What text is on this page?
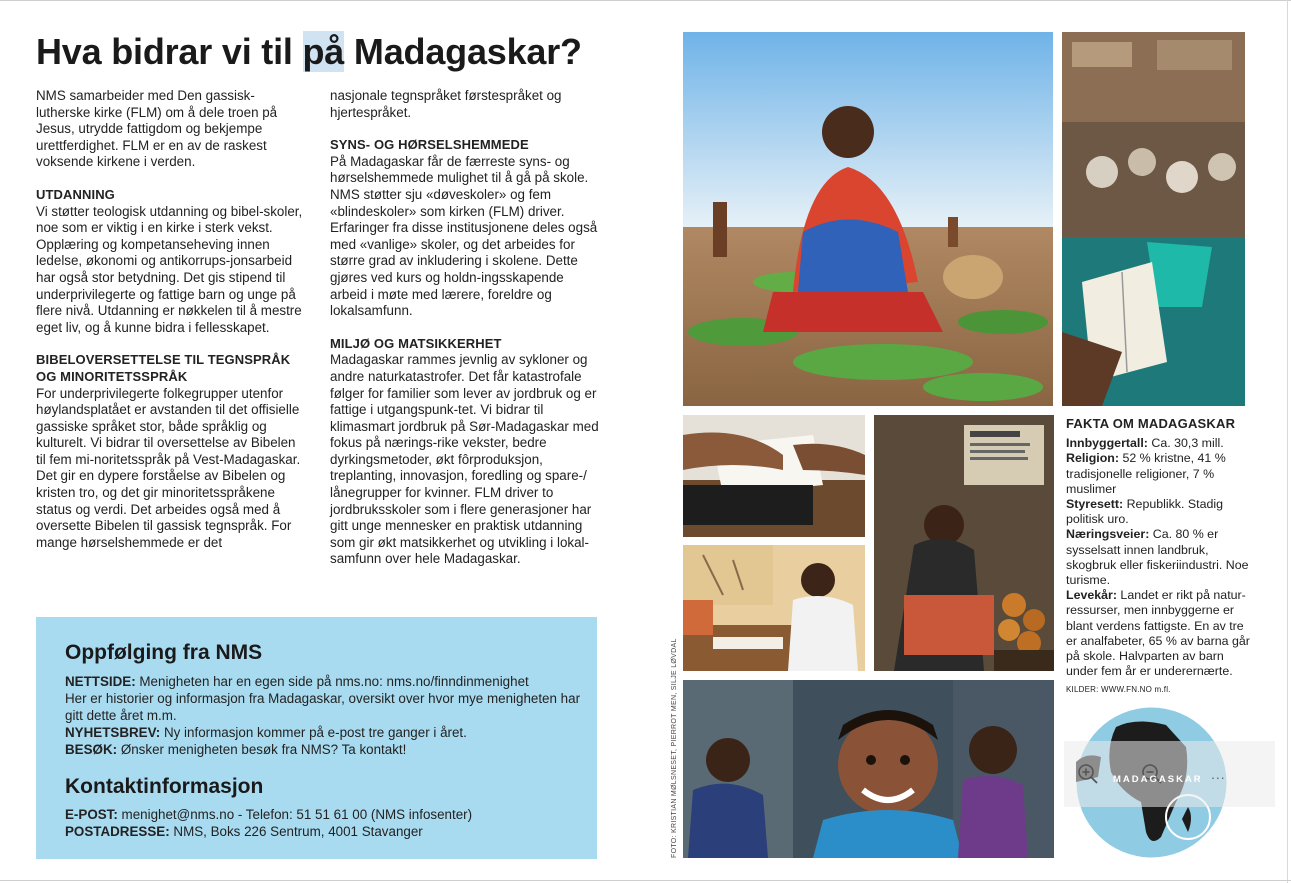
Hva bidrar vi til på Madagaskar?

NMS samarbeider med Den gassisk-lutherske kirke (FLM) om å dele troen på Jesus, utrydde fattigdom og bekjempe urettferdighet. FLM er en av de raskest voksende kirkene i verden.

UTDANNING

Vi støtter teologisk utdanning og bibel-skoler, noe som er viktig i en kirke i sterk vekst. Opplæring og kompetanseheving innen ledelse, økonomi og antikorrups-jonsarbeid har også stor betydning. Det gis stipend til underprivilegerte og fattige barn og unge på flere nivå. Utdanning er nøkkelen til å mestre eget liv, og å kunne bidra i fellesskapet.

BIBELOVERSETTELSE TIL TEGNSPRÅK OG MINORITETSSPRÅK

For underprivilegerte folkegrupper utenfor høylandsplatået er avstanden til det offisielle gassiske språket stor, både språklig og kulturelt. Vi bidrar til oversettelse av Bibelen til fem mi-noritetsspråk på Vest-Madagaskar. Det gir en dypere forståelse av Bibelen og kristen tro, og det gir minoritetsspråkene status og verdi. Det arbeides også med å oversette Bibelen til gassisk tegnspråk. For mange hørselshemmede er det

nasjonale tegnspråket førstespråket og hjertespråket.

SYNS- OG HØRSELSHEMMEDE

På Madagaskar får de færreste syns- og hørselshemmede mulighet til å gå på skole. NMS støtter sju «døveskoler» og fem «blindeskoler» som kirken (FLM) driver. Erfaringer fra disse institusjonene deles også med «vanlige» skoler, og det arbeides for større grad av inkludering i skolene. Dette gjøres ved kurs og holdn-ingsskapende arbeid i møte med lærere, foreldre og lokalsamfunn.

MILJØ OG MATSIKKERHET

Madagaskar rammes jevnlig av sykloner og andre naturkatastrofer. Det får katastrofale følger for familier som lever av jordbruk og er fattige i utgangspunk-tet. Vi bidrar til klimasmart jordbruk på Sør-Madagaskar med fokus på nærings-rike vekster, bedre dyrkingsmetoder, økt fôrproduksjon, treplanting, innovasjon, foredling og spare-/ lånegrupper for kvinner. FLM driver to jordbruksskoler som i flere generasjoner har gitt unge mennesker en praktisk utdanning som gir økt matsikkerhet og utvikling i lokal-samfunn over hele Madagaskar.

Oppfølging fra NMS
NETTSIDE: Menigheten har en egen side på nms.no: nms.no/finndinmenighet
Her er historier og informasjon fra Madagaskar, oversikt over hvor mye menigheten har gitt dette året m.m.
NYHETSBREV: Ny informasjon kommer på e-post tre ganger i året.
BESØK: Ønsker menigheten besøk fra NMS? Ta kontakt!
Kontaktinformasjon
E-POST: menighet@nms.no - Telefon: 51 51 61 00 (NMS infosenter)
POSTADRESSE: NMS, Boks 226 Sentrum, 4001 Stavanger	FOTO: KRISTIAN MØLSNESET, PIERROT MEN, SILJE LØVDAL
FAKTA OM MADAGASKAR
Innbyggertall: Ca. 30,3 mill.
Religion: 52 % kristne, 41 % tradisjonelle religioner, 7 % muslimer
Styresett: Republikk. Stadig politisk uro.
Næringsveier: Ca. 80 % er sysselsatt innen landbruk, skogbruk eller fiskeriindustri. Noe turisme.
Levekår: Landet er rikt på natur-ressurser, men innbyggerne er blant verdens fattigste. En av tre er analfabeter, 65 % av barna går på skole. Halvparten av barn under fem år er underernærte.
KILDER: WWW.FN.NO m.fl.
MADAGASKAR ...
